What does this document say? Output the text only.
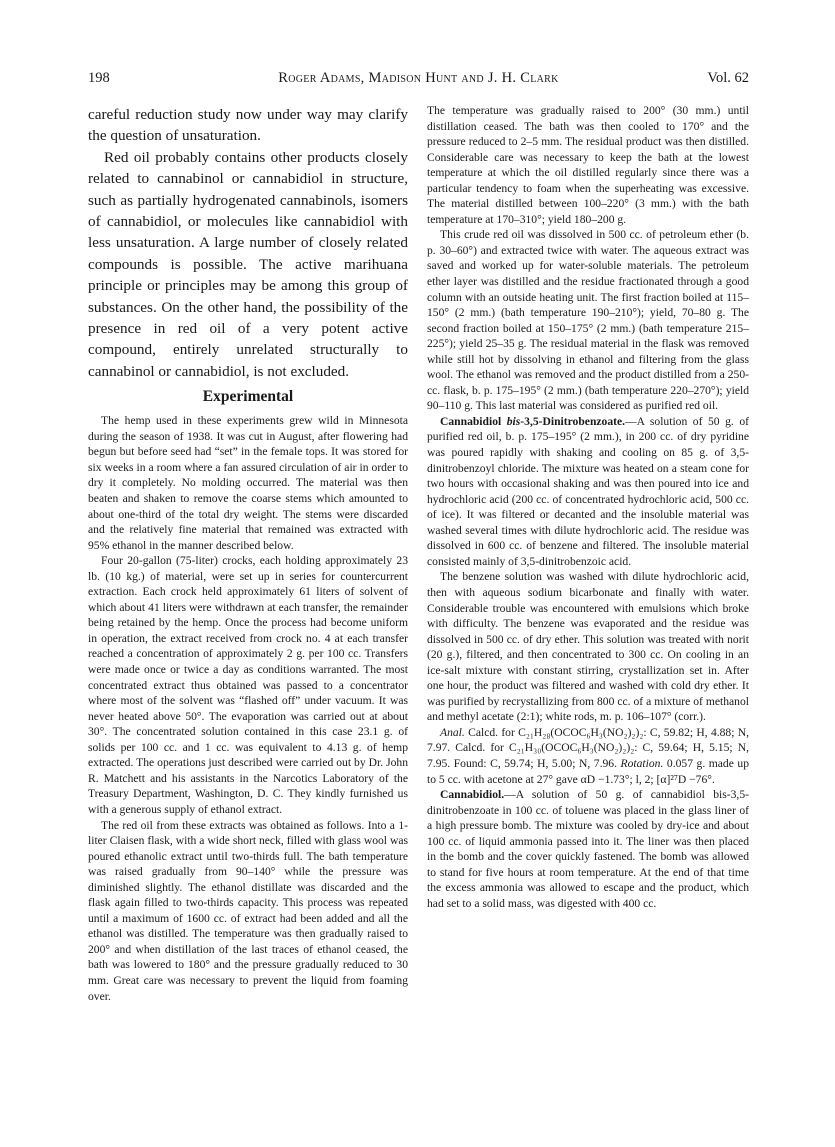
198	Roger Adams, Madison Hunt and J. H. Clark	Vol. 62

careful reduction study now under way may clarify the question of unsaturation.

Red oil probably contains other products closely related to cannabinol or cannabidiol in structure, such as partially hydrogenated cannabinols, isomers of cannabidiol, or molecules like cannabidiol with less unsaturation. A large number of closely related compounds is possible. The active marihuana principle or principles may be among this group of substances. On the other hand, the possibility of the presence in red oil of a very potent active compound, entirely unrelated structurally to cannabinol or cannabidiol, is not excluded.

Experimental

The hemp used in these experiments grew wild in Minnesota during the season of 1938. It was cut in August, after flowering had begun but before seed had “set” in the female tops. It was stored for six weeks in a room where a fan assured circulation of air in order to dry it completely. No molding occurred. The material was then beaten and shaken to remove the coarse stems which amounted to about one-third of the total dry weight. The stems were discarded and the relatively fine material that remained was extracted with 95% ethanol in the manner described below.

Four 20-gallon (75-liter) crocks, each holding approximately 23 lb. (10 kg.) of material, were set up in series for countercurrent extraction. Each crock held approximately 61 liters of solvent of which about 41 liters were withdrawn at each transfer, the remainder being retained by the hemp. Once the process had become uniform in operation, the extract received from crock no. 4 at each transfer reached a concentration of approximately 2 g. per 100 cc. Transfers were made once or twice a day as conditions warranted. The most concentrated extract thus obtained was passed to a concentrator where most of the solvent was “flashed off” under vacuum. It was never heated above 50°. The evaporation was carried out at about 30°. The concentrated solution contained in this case 23.1 g. of solids per 100 cc. and 1 cc. was equivalent to 4.13 g. of hemp extracted. The operations just described were carried out by Dr. John R. Matchett and his assistants in the Narcotics Laboratory of the Treasury Department, Washington, D. C. They kindly furnished us with a generous supply of ethanol extract.

The red oil from these extracts was obtained as follows. Into a 1-liter Claisen flask, with a wide short neck, filled with glass wool was poured ethanolic extract until two-thirds full. The bath temperature was raised gradually from 90–140° while the pressure was diminished slightly. The ethanol distillate was discarded and the flask again filled to two-thirds capacity. This process was repeated until a maximum of 1600 cc. of extract had been added and all the ethanol was distilled. The temperature was then gradually raised to 200° and when distillation of the last traces of ethanol ceased, the bath was lowered to 180° and the pressure gradually reduced to 30 mm. Great care was necessary to prevent the liquid from foaming over.

The temperature was gradually raised to 200° (30 mm.) until distillation ceased. The bath was then cooled to 170° and the pressure reduced to 2–5 mm. The residual product was then distilled. Considerable care was necessary to keep the bath at the lowest temperature at which the oil distilled regularly since there was a particular tendency to foam when the superheating was excessive. The material distilled between 100–220° (3 mm.) with the bath temperature at 170–310°; yield 180–200 g.

This crude red oil was dissolved in 500 cc. of petroleum ether (b. p. 30–60°) and extracted twice with water. The aqueous extract was saved and worked up for water-soluble materials. The petroleum ether layer was distilled and the residue fractionated through a good column with an outside heating unit. The first fraction boiled at 115–150° (2 mm.) (bath temperature 190–210°); yield, 70–80 g. The second fraction boiled at 150–175° (2 mm.) (bath temperature 215–225°); yield 25–35 g. The residual material in the flask was removed while still hot by dissolving in ethanol and filtering from the glass wool. The ethanol was removed and the product distilled from a 250-cc. flask, b. p. 175–195° (2 mm.) (bath temperature 220–270°); yield 90–110 g. This last material was considered as purified red oil.

Cannabidiol bis-3,5-Dinitrobenzoate.—A solution of 50 g. of purified red oil, b. p. 175–195° (2 mm.), in 200 cc. of dry pyridine was poured rapidly with shaking and cooling on 85 g. of 3,5-dinitrobenzoyl chloride. The mixture was heated on a steam cone for two hours with occasional shaking and was then poured into ice and hydrochloric acid (200 cc. of concentrated hydrochloric acid, 500 cc. of ice). It was filtered or decanted and the insoluble material was washed several times with dilute hydrochloric acid. The residue was dissolved in 600 cc. of benzene and filtered. The insoluble material consisted mainly of 3,5-dinitrobenzoic acid.

The benzene solution was washed with dilute hydrochloric acid, then with aqueous sodium bicarbonate and finally with water. Considerable trouble was encountered with emulsions which broke with difficulty. The benzene was evaporated and the residue was dissolved in 500 cc. of dry ether. This solution was treated with norit (20 g.), filtered, and then concentrated to 300 cc. On cooling in an ice-salt mixture with constant stirring, crystallization set in. After one hour, the product was filtered and washed with cold dry ether. It was purified by recrystallizing from 800 cc. of a mixture of methanol and methyl acetate (2:1); white rods, m. p. 106–107° (corr.).

Anal. Calcd. for C₂₁H₂₈(OCOC₆H₃(NO₂)₂)₂: C, 59.82; H, 4.88; N, 7.97. Calcd. for C₂₁H₃₀(OCOC₆H₃(NO₂)₂)₂: C, 59.64; H, 5.15; N, 7.95. Found: C, 59.74; H, 5.00; N, 7.96. Rotation. 0.057 g. made up to 5 cc. with acetone at 27° gave αD −1.73°; l, 2; [α]²⁷D −76°.

Cannabidiol.—A solution of 50 g. of cannabidiol bis-3,5-dinitrobenzoate in 100 cc. of toluene was placed in the glass liner of a high pressure bomb. The mixture was cooled by dry-ice and about 100 cc. of liquid ammonia passed into it. The liner was then placed in the bomb and the cover quickly fastened. The bomb was allowed to stand for five hours at room temperature. At the end of that time the excess ammonia was allowed to escape and the product, which had set to a solid mass, was digested with 400 cc.
